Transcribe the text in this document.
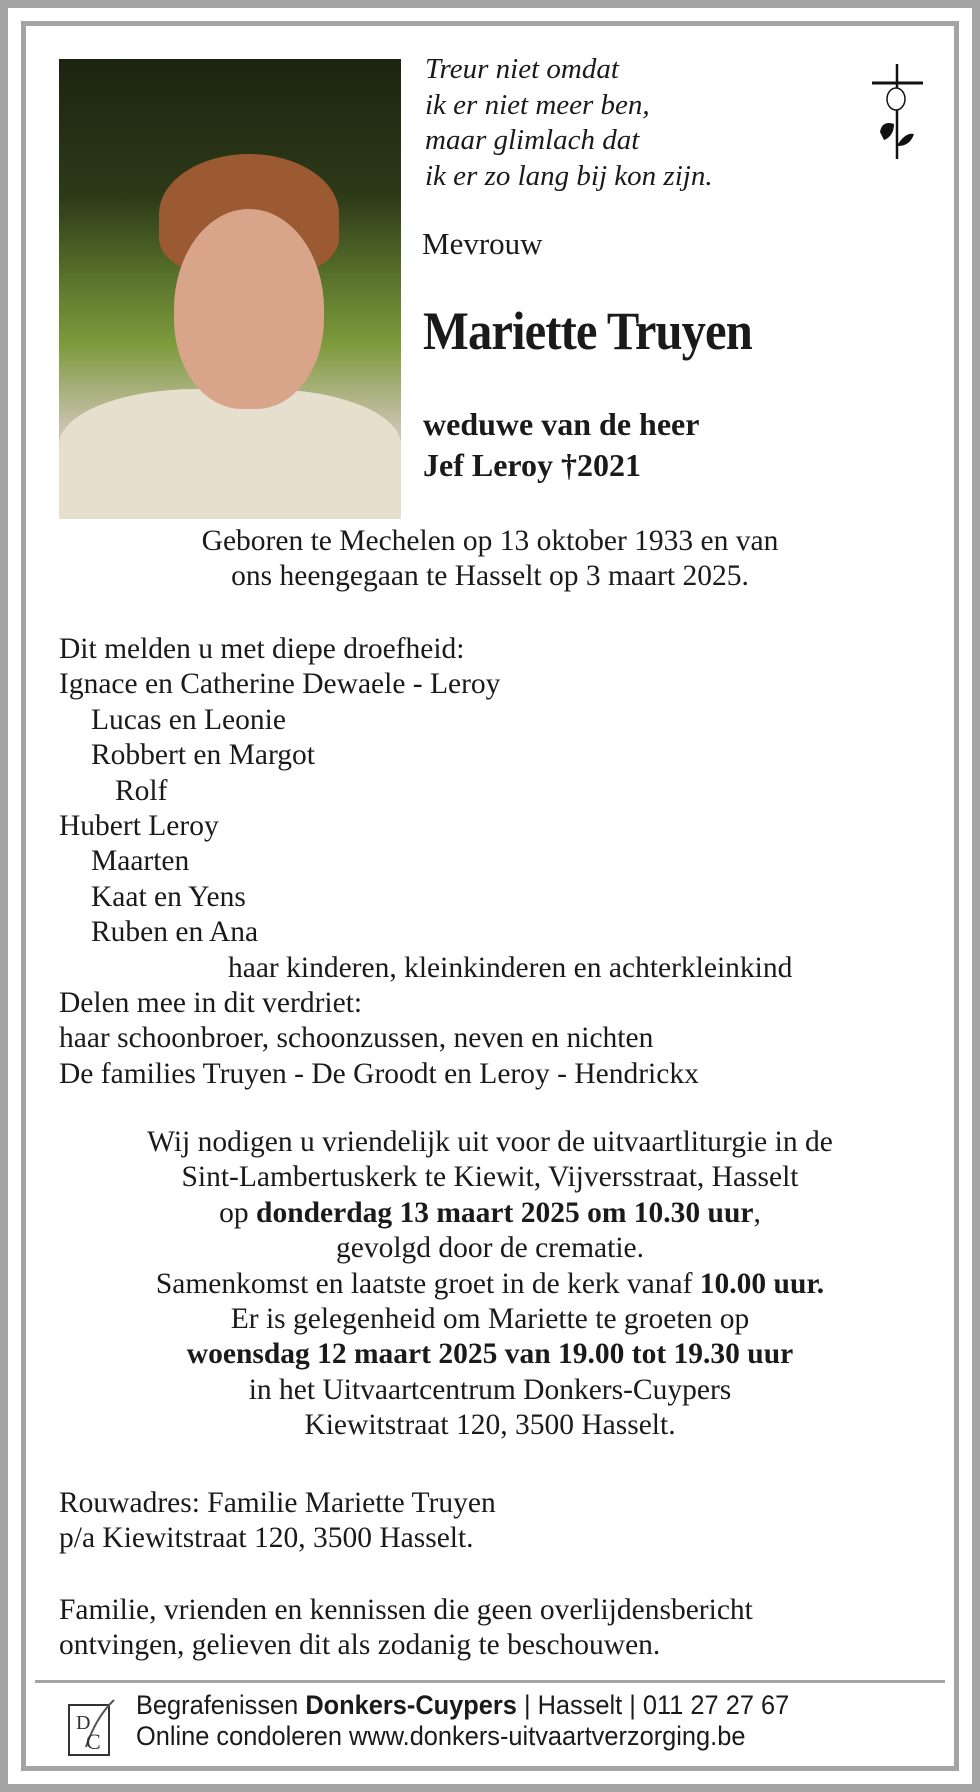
Treur niet omdat
ik er niet meer ben,
maar glimlach dat
ik er zo lang bij kon zijn.
Mevrouw
Mariette Truyen
weduwe van de heer
Jef Leroy †2021
Geboren te Mechelen op 13 oktober 1933 en van
ons heengegaan te Hasselt op 3 maart 2025.
Dit melden u met diepe droefheid:
Ignace en Catherine Dewaele - Leroy
Lucas en Leonie
Robbert en Margot
Rolf
Hubert Leroy
Maarten
Kaat en Yens
Ruben en Ana
haar kinderen, kleinkinderen en achterkleinkind
Delen mee in dit verdriet:
haar schoonbroer, schoonzussen, neven en nichten
De families Truyen - De Groodt en Leroy - Hendrickx
Wij nodigen u vriendelijk uit voor de uitvaartliturgie in de
Sint-Lambertuskerk te Kiewit, Vijversstraat, Hasselt
op donderdag 13 maart 2025 om 10.30 uur,
gevolgd door de crematie.
Samenkomst en laatste groet in de kerk vanaf 10.00 uur.
Er is gelegenheid om Mariette te groeten op
woensdag 12 maart 2025 van 19.00 tot 19.30 uur
in het Uitvaartcentrum Donkers-Cuypers
Kiewitstraat 120, 3500 Hasselt.
Rouwadres: Familie Mariette Truyen
p/a Kiewitstraat 120, 3500 Hasselt.
Familie, vrienden en kennissen die geen overlijdensbericht
ontvingen, gelieven dit als zodanig te beschouwen.
D
C
Begrafenissen Donkers-Cuypers | Hasselt | 011 27 27 67
Online condoleren www.donkers-uitvaartverzorging.be
